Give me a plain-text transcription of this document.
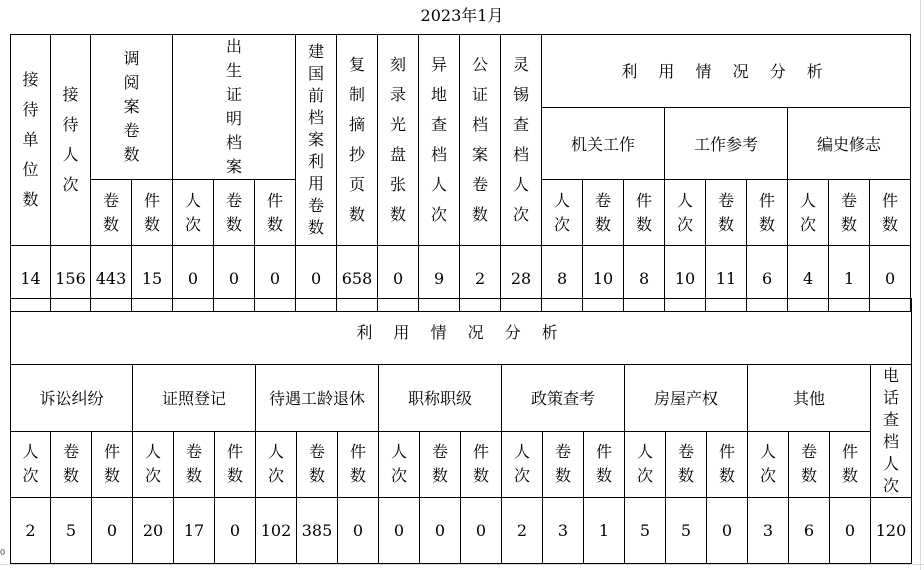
0
2023年1月
接待单位数	接待人次	调阅案卷数		出生证明档案			建国前档案利用卷数	复制摘抄页数	刻录光盘张数	异地查档人次	公证档案卷数	灵锡查档人次	利 用 情 况 分 析								
													机关工作			工作参考			编史修志		
		卷数	件数	人次	卷数	件数							人次	卷数	件数	人次	卷数	件数	人次	卷数	件数
14	156	443	15	0	0	0	0	658	0	9	2	28	8	10	8	10	11	6	4	1	0
利 用 情 况 分 析																					
诉讼纠纷			证照登记			待遇工龄退休			职称职级			政策查考			房屋产权			其他			电话查档人次
人次	卷数	件数	人次	卷数	件数	人次	卷数	件数	人次	卷数	件数	人次	卷数	件数	人次	卷数	件数	人次	卷数	件数	
2	5	0	20	17	0	102	385	0	0	0	0	2	3	1	5	5	0	3	6	0	120
